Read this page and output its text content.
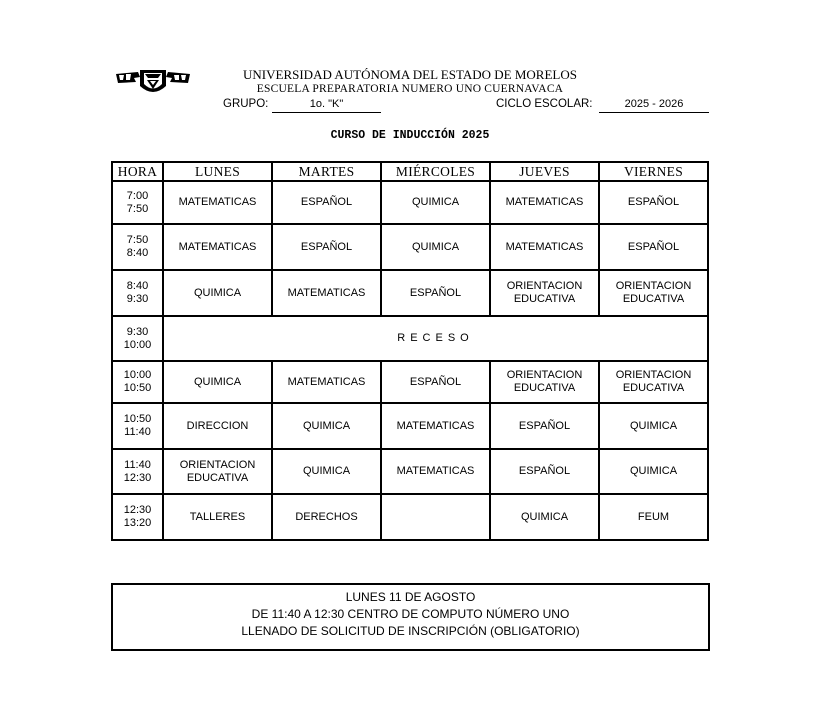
UNIVERSIDAD AUTÓNOMA DEL ESTADO DE MORELOS
ESCUELA PREPARATORIA NUMERO UNO CUERNAVACA
GRUPO:	1o. "K"	CICLO ESCOLAR:	2025 - 2026
CURSO DE INDUCCIÓN 2025
HORA	LUNES	MARTES	MIÉRCOLES	JUEVES	VIERNES

7:00
7:50	MATEMATICAS	ESPAÑOL	QUIMICA	MATEMATICAS	ESPAÑOL

7:50
8:40	MATEMATICAS	ESPAÑOL	QUIMICA	MATEMATICAS	ESPAÑOL

8:40
9:30	QUIMICA	MATEMATICAS	ESPAÑOL	ORIENTACION EDUCATIVA	ORIENTACION EDUCATIVA

9:30
10:00	RECESO				

10:00
10:50	QUIMICA	MATEMATICAS	ESPAÑOL	ORIENTACION EDUCATIVA	ORIENTACION EDUCATIVA

10:50
11:40	DIRECCION	QUIMICA	MATEMATICAS	ESPAÑOL	QUIMICA

11:40
12:30	ORIENTACION EDUCATIVA	QUIMICA	MATEMATICAS	ESPAÑOL	QUIMICA

12:30
13:20	TALLERES	DERECHOS		QUIMICA	FEUM
LUNES 11 DE AGOSTO
DE 11:40 A 12:30 CENTRO DE COMPUTO NÚMERO UNO
LLENADO DE SOLICITUD DE INSCRIPCIÓN (OBLIGATORIO)
